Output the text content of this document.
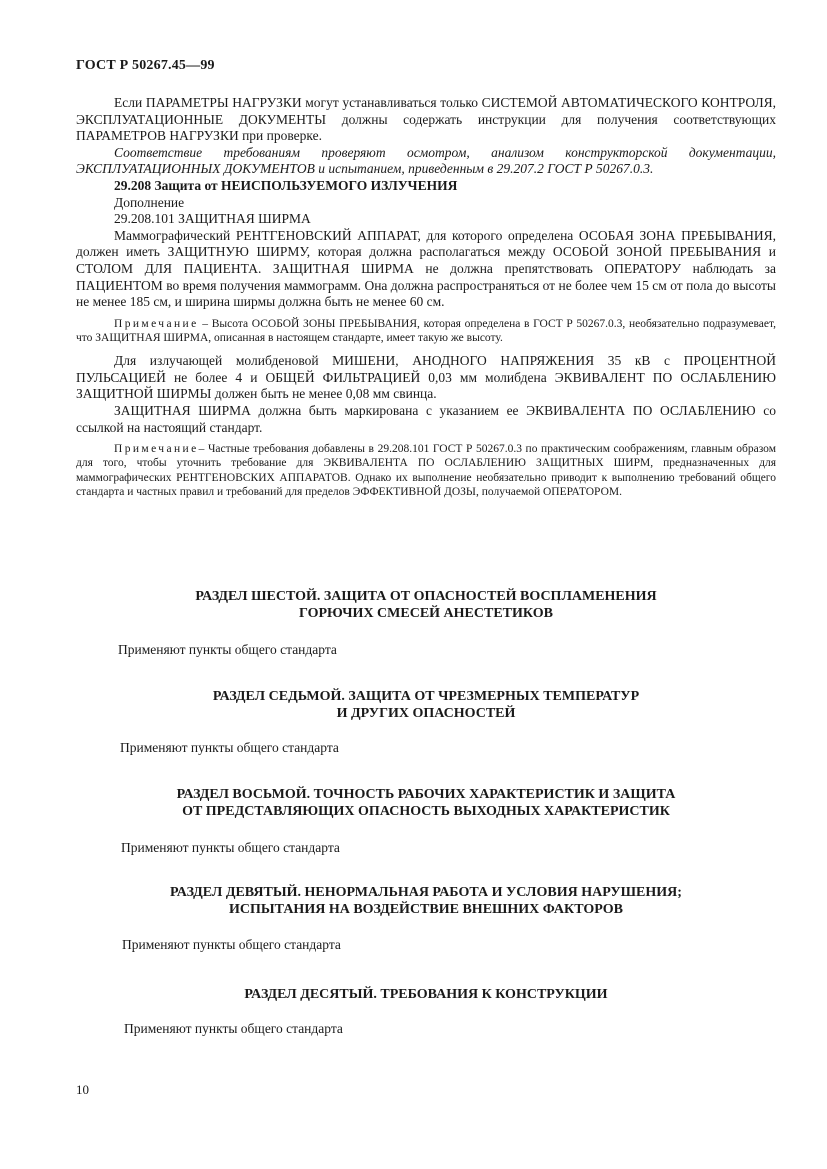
ГОСТ Р 50267.45—99

Если ПАРАМЕТРЫ НАГРУЗКИ могут устанавливаться только СИСТЕМОЙ АВТОМАТИЧЕСКОГО КОНТРОЛЯ, ЭКСПЛУАТАЦИОННЫЕ ДОКУМЕНТЫ должны содержать инструкции для получения соответствующих ПАРАМЕТРОВ НАГРУЗКИ при проверке.

Соответствие требованиям проверяют осмотром, анализом конструкторской документации, ЭКСПЛУАТАЦИОННЫХ ДОКУМЕНТОВ и испытанием, приведенным в 29.207.2 ГОСТ Р 50267.0.3.

29.208 Защита от НЕИСПОЛЬЗУЕМОГО ИЗЛУЧЕНИЯ

Дополнение

29.208.101 ЗАЩИТНАЯ ШИРМА

Маммографический РЕНТГЕНОВСКИЙ АППАРАТ, для которого определена ОСОБАЯ ЗОНА ПРЕБЫВАНИЯ, должен иметь ЗАЩИТНУЮ ШИРМУ, которая должна располагаться между ОСОБОЙ ЗОНОЙ ПРЕБЫВАНИЯ и СТОЛОМ ДЛЯ ПАЦИЕНТА. ЗАЩИТНАЯ ШИРМА не должна препятствовать ОПЕРАТОРУ наблюдать за ПАЦИЕНТОМ во время получения маммограмм. Она должна распространяться от не более чем 15 см от пола до высоты не менее 185 см, и ширина ширмы должна быть не менее 60 см.

Примечание – Высота ОСОБОЙ ЗОНЫ ПРЕБЫВАНИЯ, которая определена в ГОСТ Р 50267.0.3, необязательно подразумевает, что ЗАЩИТНАЯ ШИРМА, описанная в настоящем стандарте, имеет такую же высоту.

Для излучающей молибденовой МИШЕНИ, АНОДНОГО НАПРЯЖЕНИЯ 35 кВ с ПРОЦЕНТНОЙ ПУЛЬСАЦИЕЙ не более 4 и ОБЩЕЙ ФИЛЬТРАЦИЕЙ 0,03 мм молибдена ЭКВИВАЛЕНТ ПО ОСЛАБЛЕНИЮ ЗАЩИТНОЙ ШИРМЫ должен быть не менее 0,08 мм свинца.

ЗАЩИТНАЯ ШИРМА должна быть маркирована с указанием ее ЭКВИВАЛЕНТА ПО ОСЛАБЛЕНИЮ со ссылкой на настоящий стандарт.

Примечание– Частные требования добавлены в 29.208.101 ГОСТ Р 50267.0.3 по практическим соображениям, главным образом для того, чтобы уточнить требование для ЭКВИВАЛЕНТА ПО ОСЛАБЛЕНИЮ ЗАЩИТНЫХ ШИРМ, предназначенных для маммографических РЕНТГЕНОВСКИХ АППАРАТОВ. Однако их выполнение необязательно приводит к выполнению требований общего стандарта и частных правил и требований для пределов ЭФФЕКТИВНОЙ ДОЗЫ, получаемой ОПЕРАТОРОМ.

РАЗДЕЛ ШЕСТОЙ. ЗАЩИТА ОТ ОПАСНОСТЕЙ ВОСПЛАМЕНЕНИЯ
ГОРЮЧИХ СМЕСЕЙ АНЕСТЕТИКОВ
Применяют пункты общего стандарта
РАЗДЕЛ СЕДЬМОЙ. ЗАЩИТА ОТ ЧРЕЗМЕРНЫХ ТЕМПЕРАТУР
И ДРУГИХ ОПАСНОСТЕЙ
Применяют пункты общего стандарта
РАЗДЕЛ ВОСЬМОЙ. ТОЧНОСТЬ РАБОЧИХ ХАРАКТЕРИСТИК И ЗАЩИТА
ОТ ПРЕДСТАВЛЯЮЩИХ ОПАСНОСТЬ ВЫХОДНЫХ ХАРАКТЕРИСТИК
Применяют пункты общего стандарта
РАЗДЕЛ ДЕВЯТЫЙ. НЕНОРМАЛЬНАЯ РАБОТА И УСЛОВИЯ НАРУШЕНИЯ;
ИСПЫТАНИЯ НА ВОЗДЕЙСТВИЕ ВНЕШНИХ ФАКТОРОВ
Применяют пункты общего стандарта
РАЗДЕЛ ДЕСЯТЫЙ. ТРЕБОВАНИЯ К КОНСТРУКЦИИ
Применяют пункты общего стандарта
10
